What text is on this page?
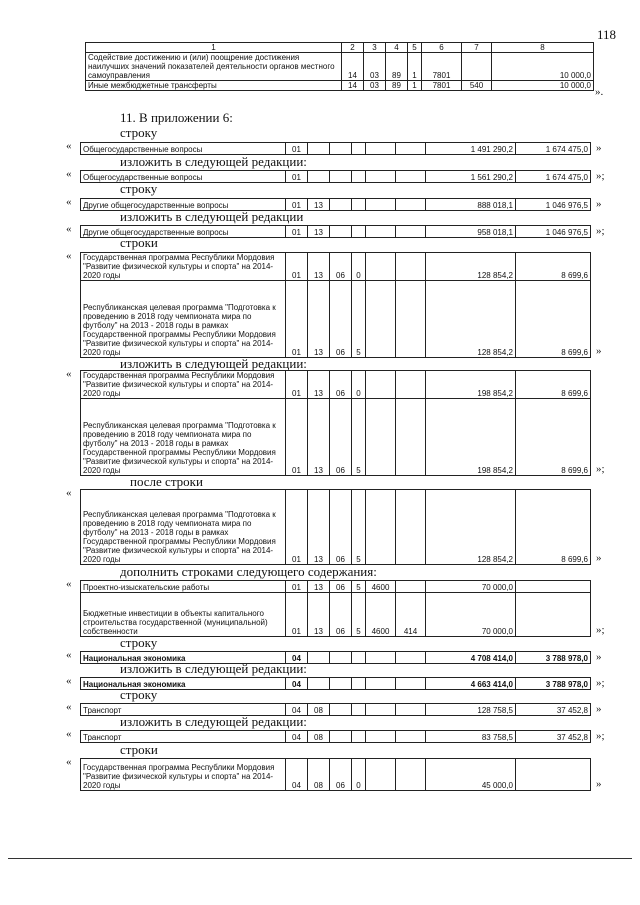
118
1	2	3	4	5	6	7	8
Содействие достижению и (или) поощрение достижения наилучших значений показателей деятельности органов местного самоуправления	14	03	89	1	7801		10 000,0
Иные межбюджетные трансферты	14	03	89	1	7801	540	10 000,0
».
11. В приложении 6:
строку
Общегосударственные вопросы	01						1 491 290,2	1 674 475,0
«	»
изложить в следующей редакции:
Общегосударственные вопросы	01						1 561 290,2	1 674 475,0
«	»;
строку
Другие общегосударственные вопросы	01	13					888 018,1	1 046 976,5
«	»
изложить в следующей редакции
Другие общегосударственные вопросы	01	13					958 018,1	1 046 976,5
«	»;
строки
Государственная программа Республики Мордовия "Развитие физической культуры и спорта" на 2014-2020 годы	01	13	06	0			128 854,2	8 699,6
Республиканская целевая программа "Подготовка к проведению в 2018 году чемпионата мира по футболу" на 2013 - 2018 годы в рамках Государственной программы Республики Мордовия "Развитие физической культуры и спорта" на 2014-2020 годы	01	13	06	5			128 854,2	8 699,6
«
»
изложить в следующей редакции:
Государственная программа Республики Мордовия "Развитие физической культуры и спорта" на 2014-2020 годы	01	13	06	0			198 854,2	8 699,6
Республиканская целевая программа "Подготовка к проведению в 2018 году чемпионата мира по футболу" на 2013 - 2018 годы в рамках Государственной программы Республики Мордовия "Развитие физической культуры и спорта" на 2014-2020 годы	01	13	06	5			198 854,2	8 699,6
«
»;
после строки
Республиканская целевая программа "Подготовка к проведению в 2018 году чемпионата мира по футболу" на 2013 - 2018 годы в рамках Государственной программы Республики Мордовия "Развитие физической культуры и спорта" на 2014-2020 годы	01	13	06	5			128 854,2	8 699,6
«
»
дополнить строками следующего содержания:
Проектно-изыскательские работы	01	13	06	5	4600		70 000,0	
Бюджетные инвестиции в объекты капитального строительства государственной (муниципальной) собственности	01	13	06	5	4600	414	70 000,0	
«
»;
строку
Национальная экономика	04						4 708 414,0	3 788 978,0
«	»
изложить в следующей редакции:
Национальная экономика	04						4 663 414,0	3 788 978,0
«	»;
строку
Транспорт	04	08					128 758,5	37 452,8
«	»
изложить в следующей редакции:
Транспорт	04	08					83 758,5	37 452,8
«	»;
строки
Государственная программа Республики Мордовия "Развитие физической культуры и спорта" на 2014-2020 годы	04	08	06	0			45 000,0	
«
»
